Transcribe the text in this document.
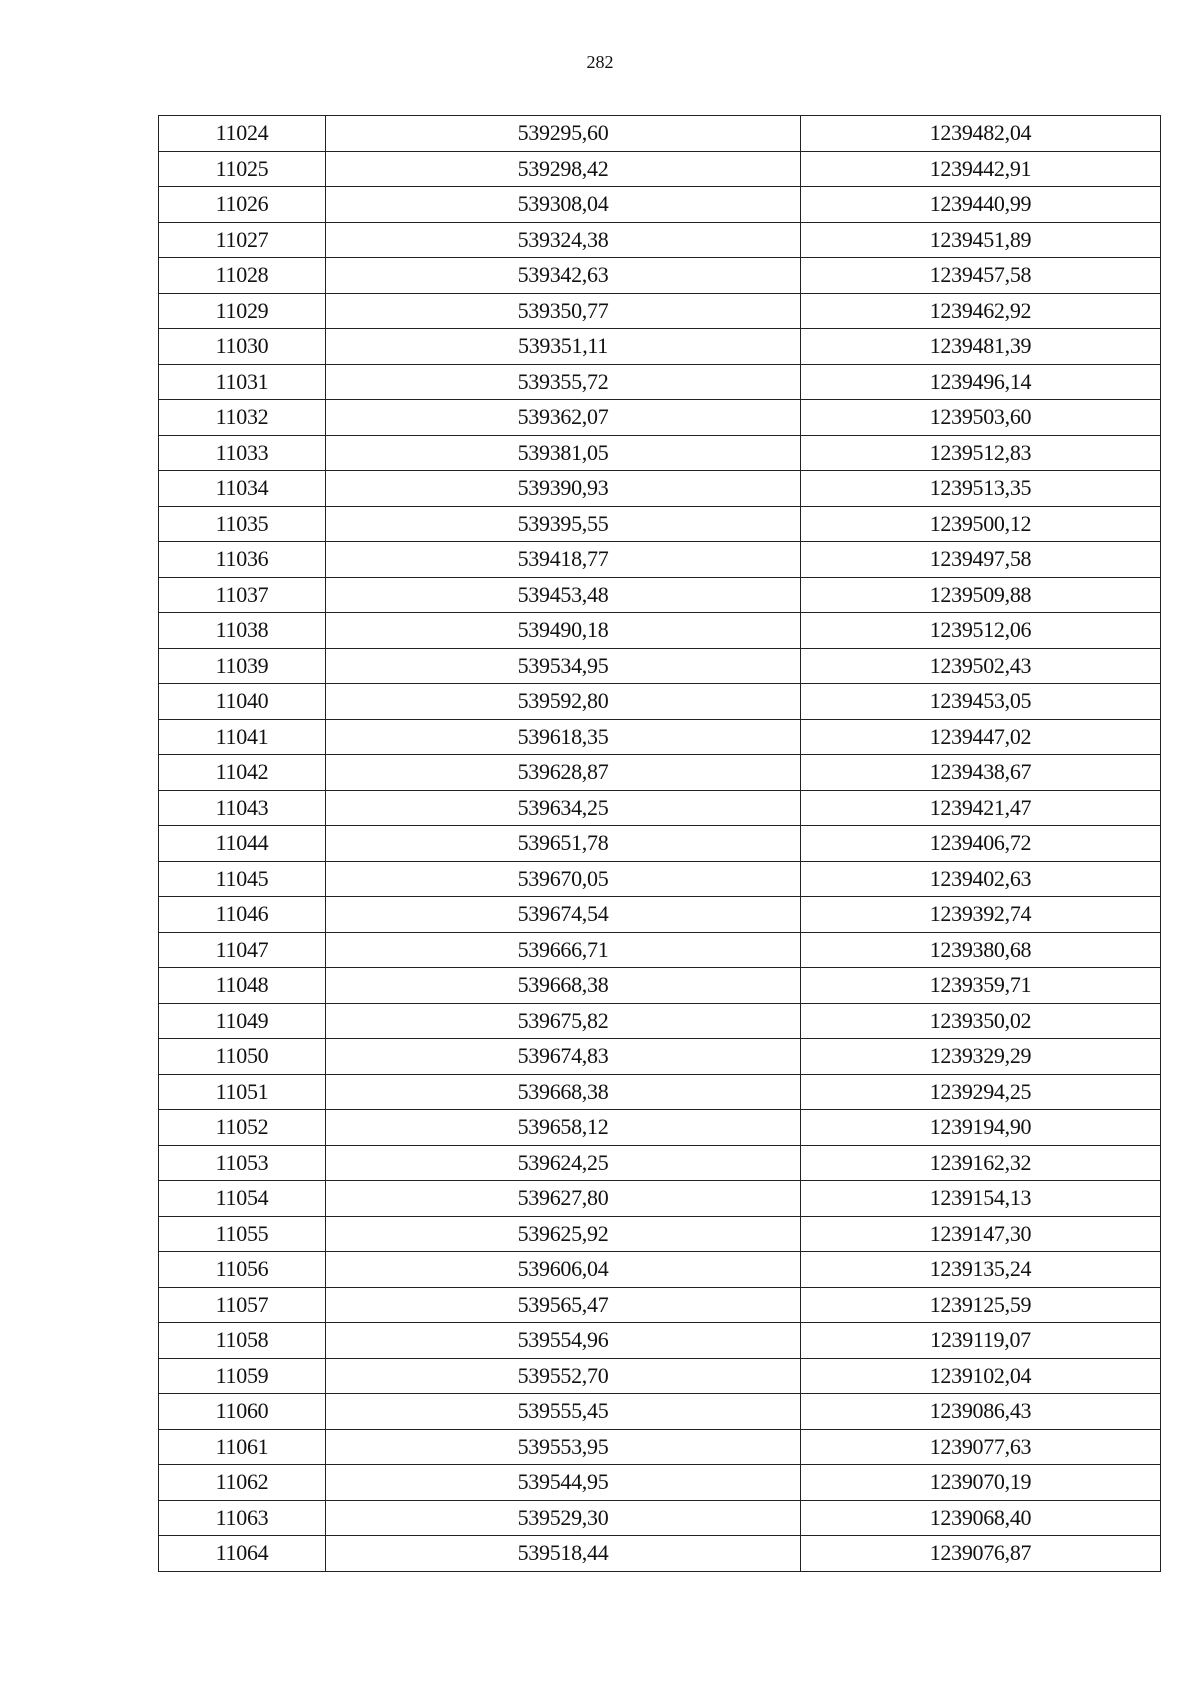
282
11024	539295,60	1239482,04
11025	539298,42	1239442,91
11026	539308,04	1239440,99
11027	539324,38	1239451,89
11028	539342,63	1239457,58
11029	539350,77	1239462,92
11030	539351,11	1239481,39
11031	539355,72	1239496,14
11032	539362,07	1239503,60
11033	539381,05	1239512,83
11034	539390,93	1239513,35
11035	539395,55	1239500,12
11036	539418,77	1239497,58
11037	539453,48	1239509,88
11038	539490,18	1239512,06
11039	539534,95	1239502,43
11040	539592,80	1239453,05
11041	539618,35	1239447,02
11042	539628,87	1239438,67
11043	539634,25	1239421,47
11044	539651,78	1239406,72
11045	539670,05	1239402,63
11046	539674,54	1239392,74
11047	539666,71	1239380,68
11048	539668,38	1239359,71
11049	539675,82	1239350,02
11050	539674,83	1239329,29
11051	539668,38	1239294,25
11052	539658,12	1239194,90
11053	539624,25	1239162,32
11054	539627,80	1239154,13
11055	539625,92	1239147,30
11056	539606,04	1239135,24
11057	539565,47	1239125,59
11058	539554,96	1239119,07
11059	539552,70	1239102,04
11060	539555,45	1239086,43
11061	539553,95	1239077,63
11062	539544,95	1239070,19
11063	539529,30	1239068,40
11064	539518,44	1239076,87
